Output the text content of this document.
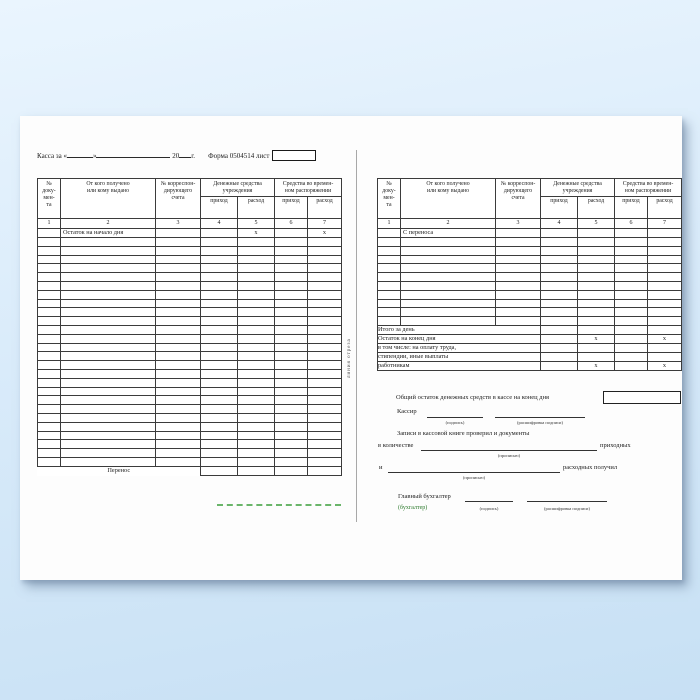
Касса за «	»	20 г. Форма 0504514 лист
№
доку-
мен-
та

От кого получено
или кому выдано

№ корреспон-
дирующего
счета

Денежные средства
учреждения

Средства во времен-
ном распоряжении

			приход	расход	приход	расход
1	2	3	4	5	6	7
	Остаток на начало дня			х		х

Перенос						
линия отреза
№
доку-
мен-
та

От кого получено
или кому выдано

№ корреспон-
дирующего
счета

Денежные средства
учреждения

Средства во времен-
ном распоряжении

			приход	расход	приход	расход
1	2	3	4	5	6	7
	С переноса					

Итого за день						
Остаток на конец дня				х		х
в том числе: на оплату труда,						
стипендии, иные выплаты						
работникам				х		х
Общий остаток денежных средств в кассе на конец дня
Кассир
(подпись)	(расшифровка подписи)
Записи в кассовой книге проверил и документы
в количестве	приходных
(прописью)
и	расходных получил
(прописью)
Главный бухгалтер
(бухгалтер)	(подпись)	(расшифровка подписи)
